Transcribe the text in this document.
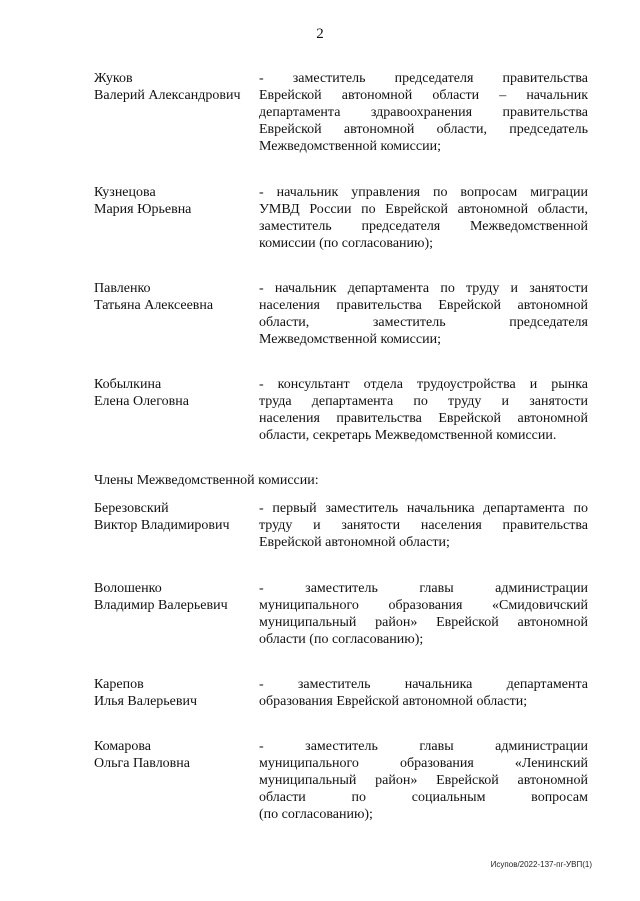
2
Жуков
Валерий Александрович
- заместитель председателя правительства
Еврейской автономной области – начальник
департамента здравоохранения правительства
Еврейской автономной области, председатель
Межведомственной комиссии;
Кузнецова
Мария Юрьевна
- начальник управления по вопросам миграции
УМВД России по Еврейской автономной области,
заместитель председателя Межведомственной
комиссии (по согласованию);
Павленко
Татьяна Алексеевна
- начальник департамента по труду и занятости
населения правительства Еврейской автономной
области, заместитель председателя
Межведомственной комиссии;
Кобылкина
Елена Олеговна
- консультант отдела трудоустройства и рынка
труда департамента по труду и занятости
населения правительства Еврейской автономной
области, секретарь Межведомственной комиссии.
Члены Межведомственной комиссии:
Березовский
Виктор Владимирович
- первый заместитель начальника департамента по
труду и занятости населения правительства
Еврейской автономной области;
Волошенко
Владимир Валерьевич
- заместитель главы администрации
муниципального образования «Смидовичский
муниципальный район» Еврейской автономной
области (по согласованию);
Карепов
Илья Валерьевич
- заместитель начальника департамента
образования Еврейской автономной области;
Комарова
Ольга Павловна
- заместитель главы администрации
муниципального образования «Ленинский
муниципальный район» Еврейской автономной
области по социальным вопросам
(по согласованию);
Исупов/2022-137-пг-УВП(1)
